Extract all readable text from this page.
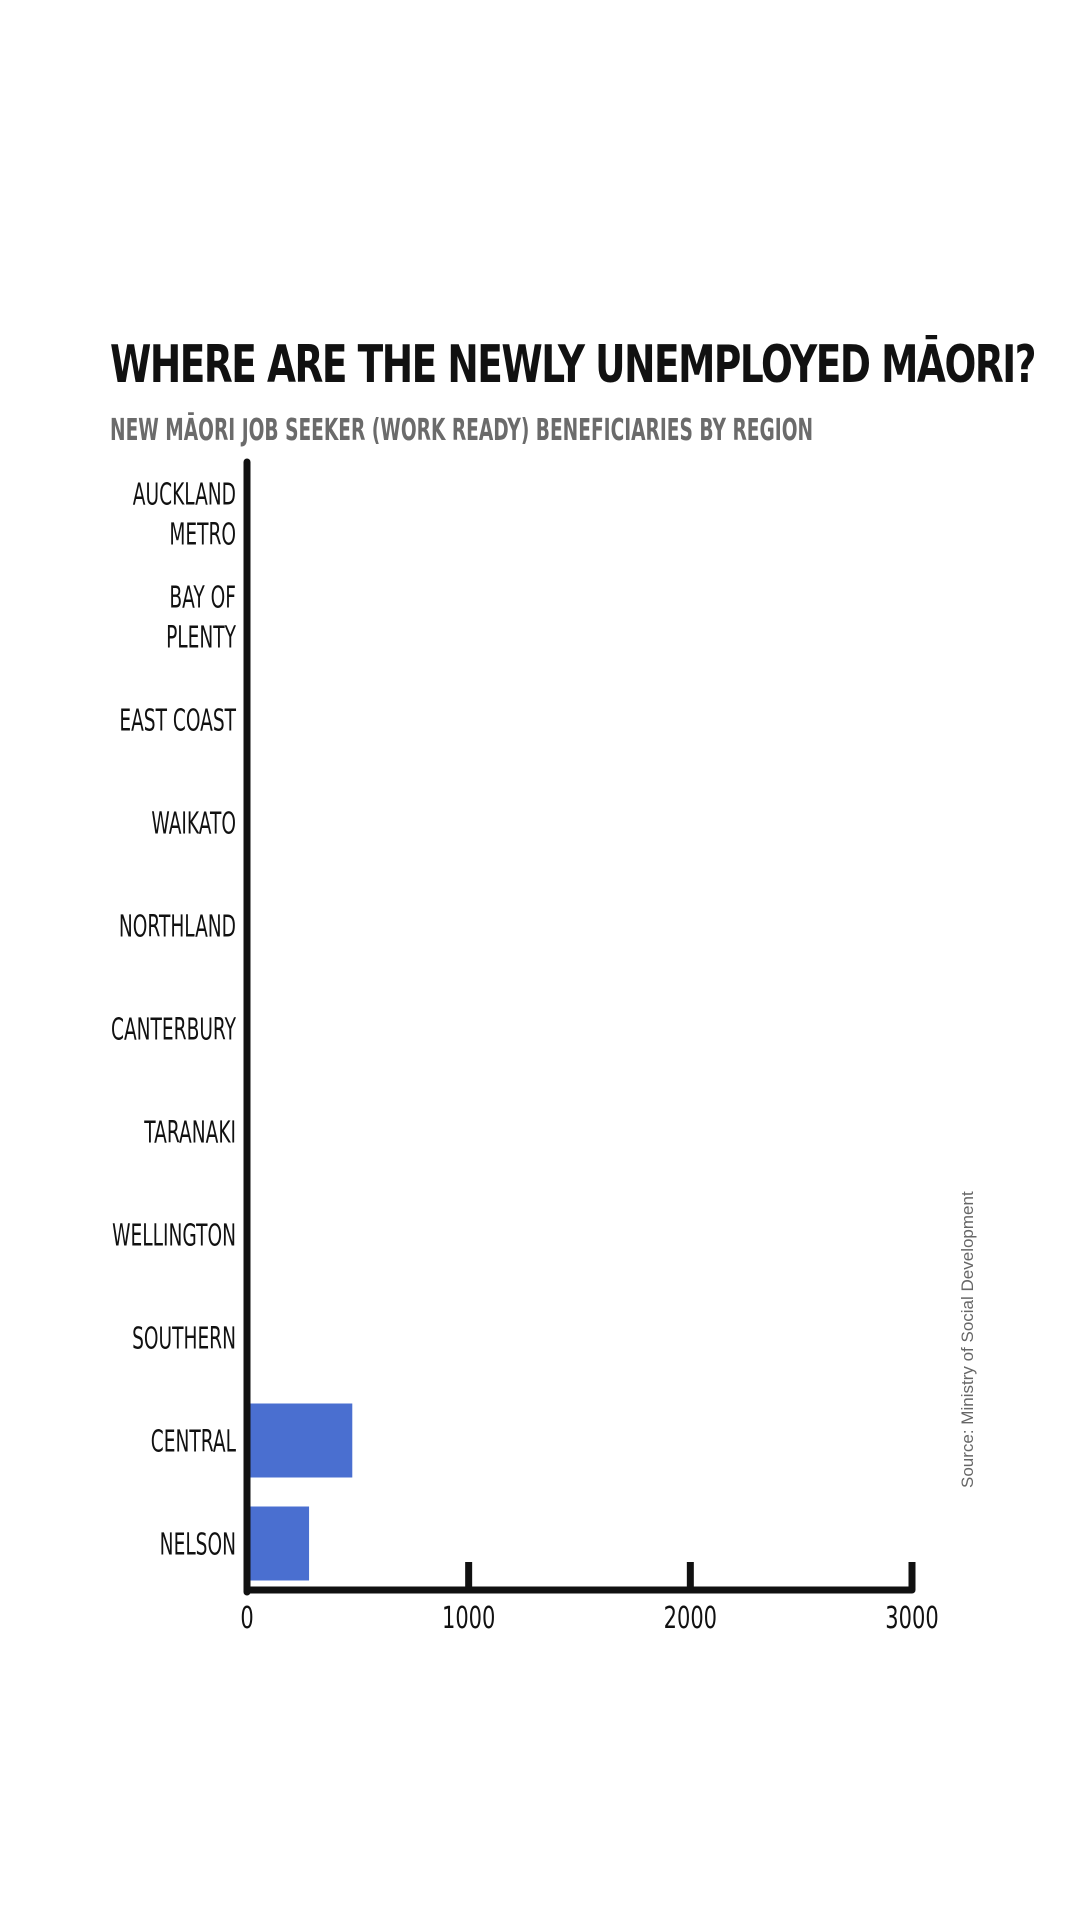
WHERE ARE THE NEWLY UNEMPLOYED MĀORI?
NEW MĀORI JOB SEEKER (WORK READY) BENEFICIARIES BY REGION
AUCKLAND METRO
BAY OF PLENTY
EAST COAST
WAIKATO
NORTHLAND
CANTERBURY
TARANAKI
WELLINGTON
SOUTHERN
CENTRAL
NELSON
0	1000	2000	3000
Source: Ministry of Social Development
